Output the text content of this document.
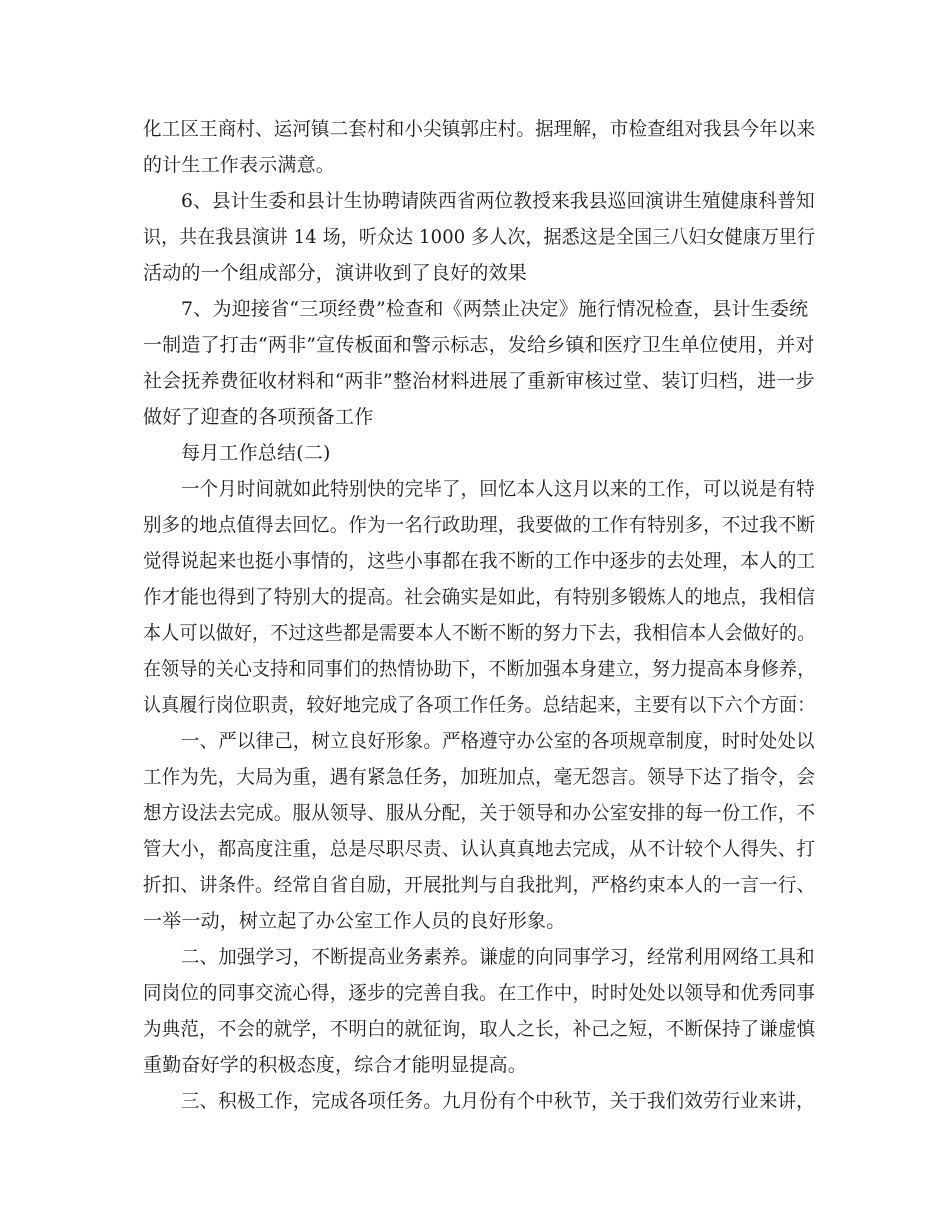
化工区王商村、运河镇二套村和小尖镇郭庄村。据理解，市检查组对我县今年以来
的计生工作表示满意。
6、县计生委和县计生协聘请陕西省两位教授来我县巡回演讲生殖健康科普知
识，共在我县演讲 14 场，听众达 1000 多人次，据悉这是全国三八妇女健康万里行
活动的一个组成部分，演讲收到了良好的效果
7、为迎接省“三项经费”检查和《两禁止决定》施行情况检查，县计生委统
一制造了打击“两非”宣传板面和警示标志，发给乡镇和医疗卫生单位使用，并对
社会抚养费征收材料和“两非”整治材料进展了重新审核过堂、装订归档，进一步
做好了迎查的各项预备工作
每月工作总结(二)
一个月时间就如此特别快的完毕了，回忆本人这月以来的工作，可以说是有特
别多的地点值得去回忆。作为一名行政助理，我要做的工作有特别多，不过我不断
觉得说起来也挺小事情的，这些小事都在我不断的工作中逐步的去处理，本人的工
作才能也得到了特别大的提高。社会确实是如此，有特别多锻炼人的地点，我相信
本人可以做好，不过这些都是需要本人不断不断的努力下去，我相信本人会做好的。
在领导的关心支持和同事们的热情协助下，不断加强本身建立，努力提高本身修养，
认真履行岗位职责，较好地完成了各项工作任务。总结起来，主要有以下六个方面：
一、严以律己，树立良好形象。严格遵守办公室的各项规章制度，时时处处以
工作为先，大局为重，遇有紧急任务，加班加点，毫无怨言。领导下达了指令，会
想方设法去完成。服从领导、服从分配，关于领导和办公室安排的每一份工作，不
管大小，都高度注重，总是尽职尽责、认认真真地去完成，从不计较个人得失、打
折扣、讲条件。经常自省自励，开展批判与自我批判，严格约束本人的一言一行、
一举一动，树立起了办公室工作人员的良好形象。
二、加强学习，不断提高业务素养。谦虚的向同事学习，经常利用网络工具和
同岗位的同事交流心得，逐步的完善自我。在工作中，时时处处以领导和优秀同事
为典范，不会的就学，不明白的就征询，取人之长，补己之短，不断保持了谦虚慎
重勤奋好学的积极态度，综合才能明显提高。
三、积极工作，完成各项任务。九月份有个中秋节，关于我们效劳行业来讲，
